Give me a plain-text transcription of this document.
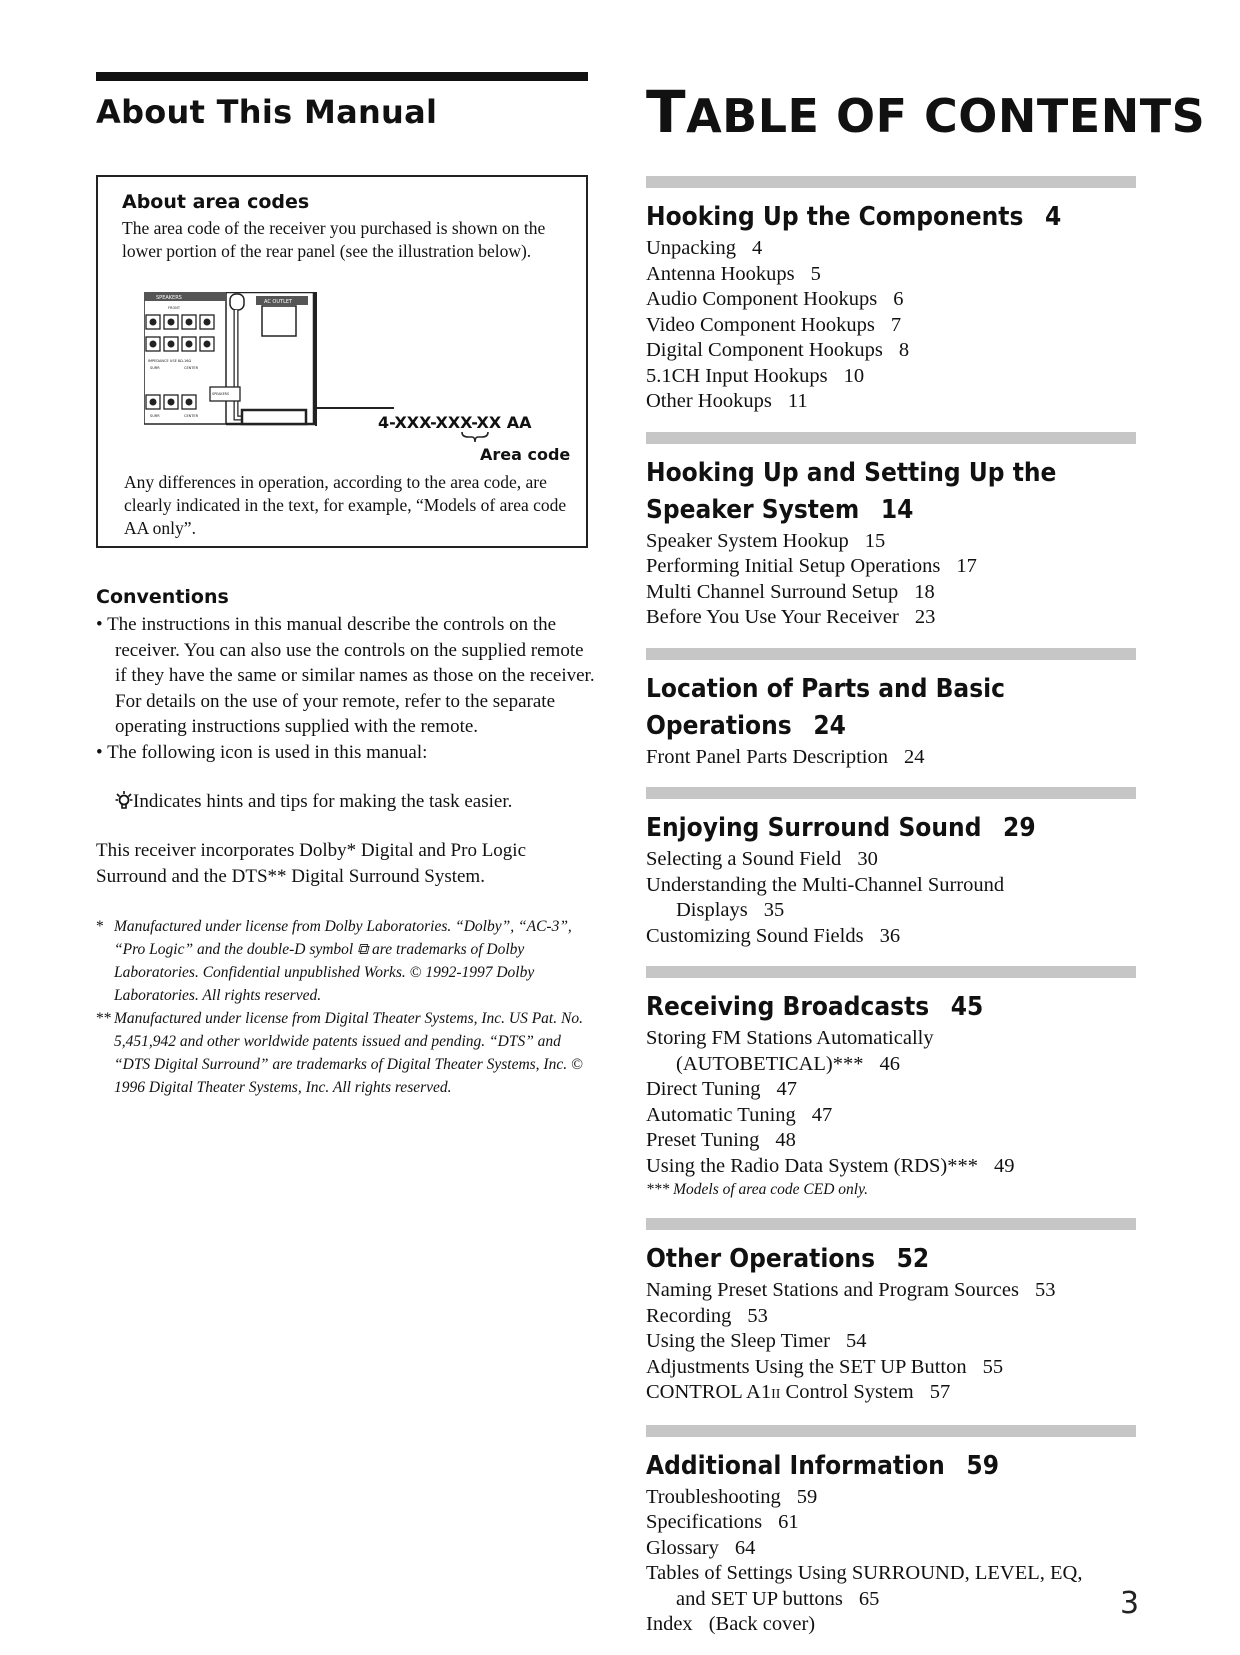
About This Manual
About area codes
The area code of the receiver you purchased is shown on the lower portion of the rear panel (see the illustration below).
SPEAKERS
FRONT
IMPEDANCE USE 8Ω-16Ω
SURR	CENTER
SURR	CENTER
AC OUTLET
SPEAKERS
4-XXX-XXX-XX AA
Area code
Any differences in operation, according to the area code, are clearly indicated in the text, for example, “Models of area code AA only”.
Conventions
• The instructions in this manual describe the controls on the receiver. You can also use the controls on the supplied remote if they have the same or similar names as those on the receiver. For details on the use of your remote, refer to the separate operating instructions supplied with the remote.
• The following icon is used in this manual:
Indicates hints and tips for making the task easier.

This receiver incorporates Dolby* Digital and Pro Logic Surround and the DTS** Digital Surround System.

* Manufactured under license from Dolby Laboratories. “Dolby”, “AC-3”, “Pro Logic” and the double-D symbol ⧉ are trademarks of Dolby Laboratories. Confidential unpublished Works. © 1992-1997 Dolby Laboratories. All rights reserved.
** Manufactured under license from Digital Theater Systems, Inc. US Pat. No. 5,451,942 and other worldwide patents issued and pending. “DTS” and “DTS Digital Surround” are trademarks of Digital Theater Systems, Inc. © 1996 Digital Theater Systems, Inc. All rights reserved.
TABLE OF CONTENTS
Hooking Up the Components 4
Unpacking 4
Antenna Hookups 5
Audio Component Hookups 6
Video Component Hookups 7
Digital Component Hookups 8
5.1CH Input Hookups 10
Other Hookups 11
Hooking Up and Setting Up the
Speaker System 14
Speaker System Hookup 15
Performing Initial Setup Operations 17
Multi Channel Surround Setup 18
Before You Use Your Receiver 23
Location of Parts and Basic
Operations 24
Front Panel Parts Description 24
Enjoying Surround Sound 29
Selecting a Sound Field 30
Understanding the Multi-Channel Surround
Displays 35
Customizing Sound Fields 36
Receiving Broadcasts 45
Storing FM Stations Automatically
(AUTOBETICAL)*** 46
Direct Tuning 47
Automatic Tuning 47
Preset Tuning 48
Using the Radio Data System (RDS)*** 49
*** Models of area code CED only.
Other Operations 52
Naming Preset Stations and Program Sources 53
Recording 53
Using the Sleep Timer 54
Adjustments Using the SET UP Button 55
CONTROL A1II Control System 57
Additional Information 59
Troubleshooting 59
Specifications 61
Glossary 64
Tables of Settings Using SURROUND, LEVEL, EQ,
and SET UP buttons 65
Index (Back cover)
3
